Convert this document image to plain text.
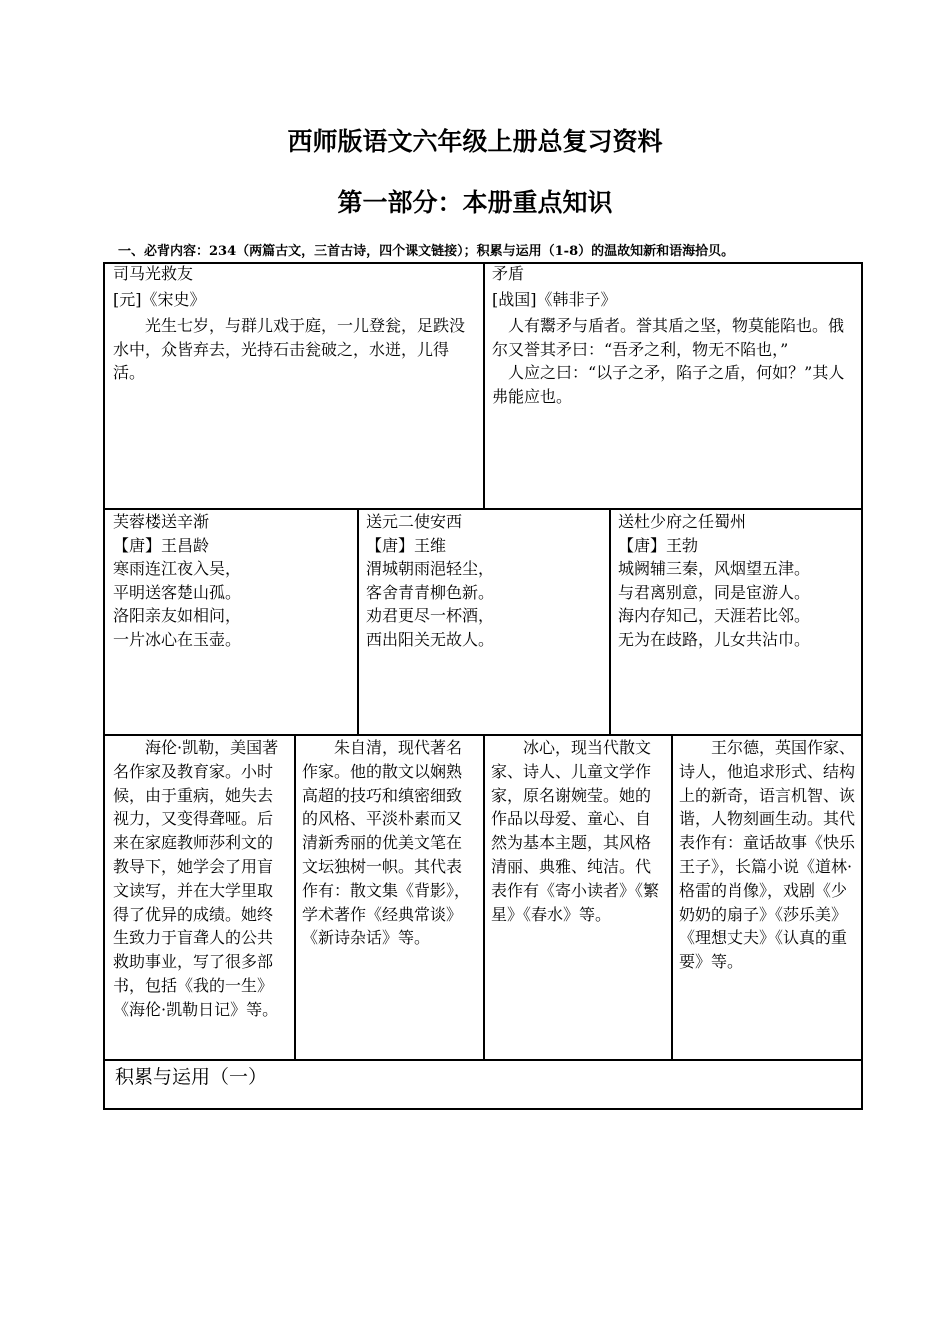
西师版语文六年级上册总复习资料
第一部分：本册重点知识
一、必背内容：234（两篇古文，三首古诗，四个课文链接）；积累与运用（1-8）的温故知新和语海拾贝。

司马光救友

[元]《宋史》

光生七岁，与群儿戏于庭，一儿登瓮，足跌没水中，众皆弃去，光持石击瓮破之，水迸，儿得活。

矛盾

[战国]《韩非子》

人有鬻矛与盾者。誉其盾之坚，物莫能陷也。俄尔又誉其矛曰：“吾矛之利，物无不陷也，”

人应之曰：“以子之矛，陷子之盾，何如？”其人弗能应也。

芙蓉楼送辛渐

【唐】王昌龄

寒雨连江夜入吴，

平明送客楚山孤。

洛阳亲友如相问，

一片冰心在玉壶。

送元二使安西

【唐】王维

渭城朝雨浥轻尘，

客舍青青柳色新。

劝君更尽一杯酒，

西出阳关无故人。

送杜少府之任蜀州

【唐】王勃

城阙辅三秦，风烟望五津。

与君离别意，同是宦游人。

海内存知己，天涯若比邻。

无为在歧路，儿女共沾巾。

海伦·凯勒，美国著名作家及教育家。小时候，由于重病，她失去视力，又变得聋哑。后来在家庭教师莎利文的教导下，她学会了用盲文读写，并在大学里取得了优异的成绩。她终生致力于盲聋人的公共救助事业，写了很多部书，包括《我的一生》《海伦·凯勒日记》等。

朱自清，现代著名作家。他的散文以娴熟高超的技巧和缜密细致的风格、平淡朴素而又清新秀丽的优美文笔在文坛独树一帜。其代表作有：散文集《背影》，学术著作《经典常谈》《新诗杂话》等。

冰心，现当代散文家、诗人、儿童文学作家，原名谢婉莹。她的作品以母爱、童心、自然为基本主题，其风格清丽、典雅、纯洁。代表作有《寄小读者》《繁星》《春水》等。

王尔德，英国作家、诗人，他追求形式、结构上的新奇，语言机智、诙谐，人物刻画生动。其代表作有：童话故事《快乐王子》，长篇小说《道林·格雷的肖像》，戏剧《少奶奶的扇子》《莎乐美》《理想丈夫》《认真的重要》等。

积累与运用（一）
